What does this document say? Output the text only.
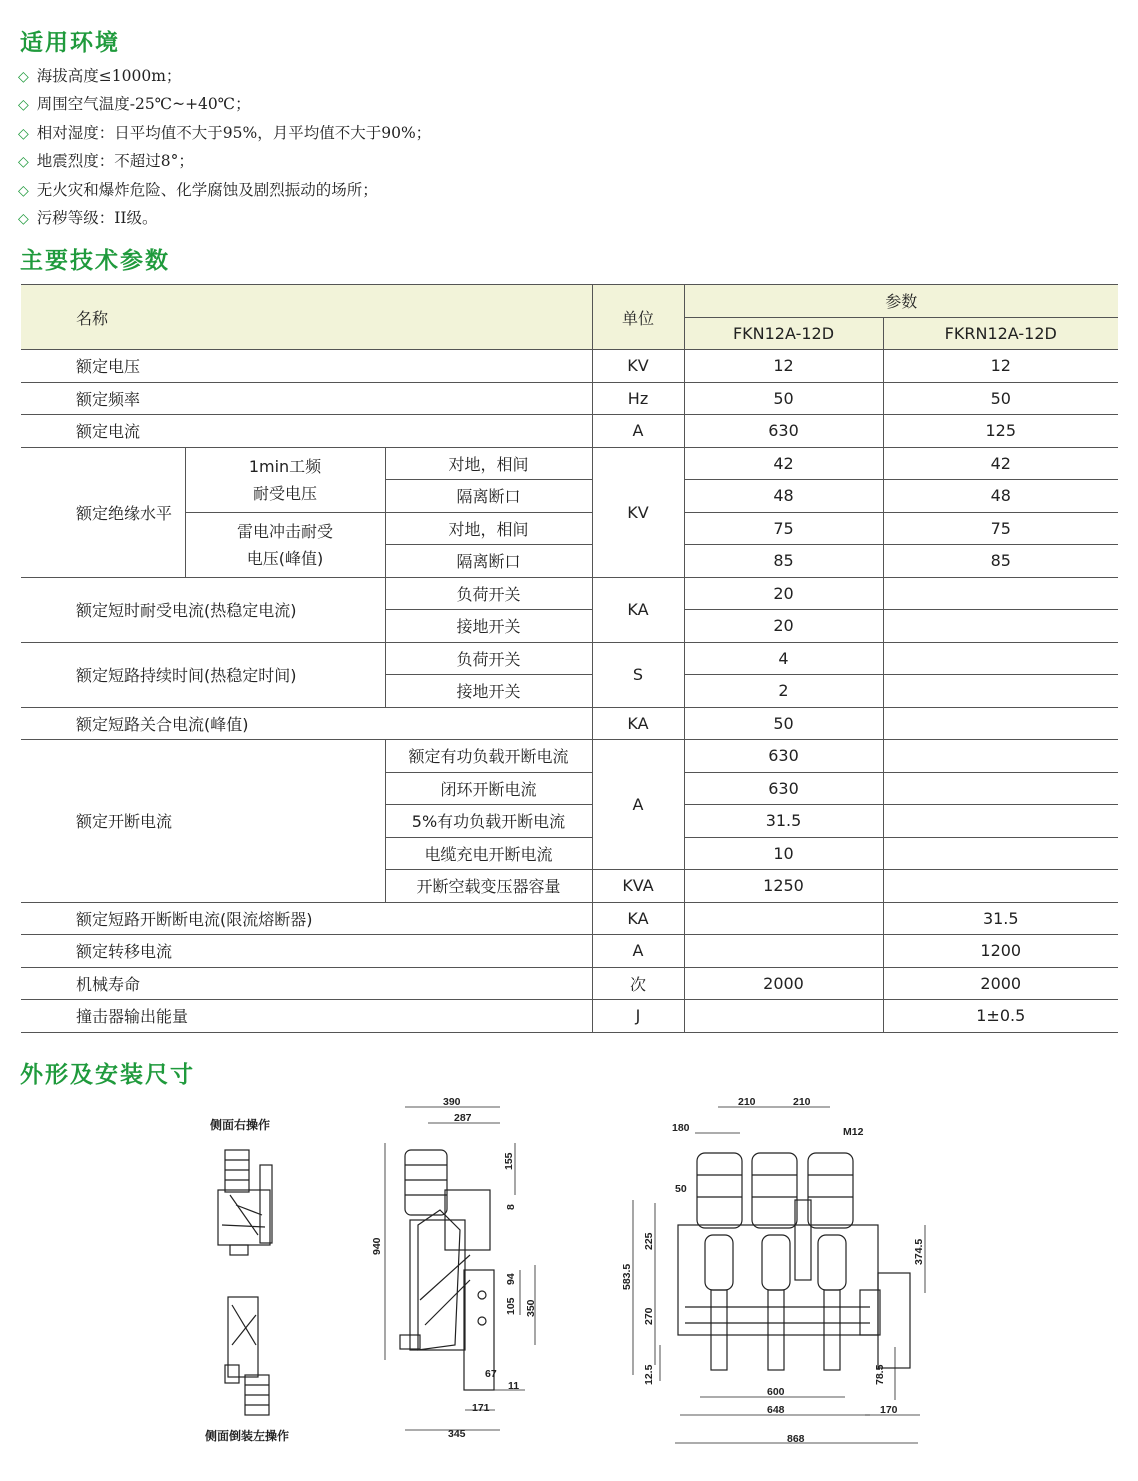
适用环境
◇ 海拔高度≤1000m；
◇ 周围空气温度-25℃~+40℃；
◇ 相对湿度：日平均值不大于95%，月平均值不大于90%；
◇ 地震烈度：不超过8°；
◇ 无火灾和爆炸危险、化学腐蚀及剧烈振动的场所；
◇ 污秽等级：II级。
主要技术参数
名称			单位	参数	
				FKN12A-12D	FKRN12A-12D
额定电压			KV	12	12
额定频率			Hz	50	50
额定电流			A	630	125
额定绝缘水平	1min工频
耐受电压	对地，相间	KV	42	42
		隔离断口		48	48
	雷电冲击耐受
电压(峰值)	对地，相间		75	75
		隔离断口		85	85
额定短时耐受电流(热稳定电流)		负荷开关	KA	20	
		接地开关		20	
额定短路持续时间(热稳定时间)		负荷开关	S	4	
		接地开关		2	
额定短路关合电流(峰值)			KA	50	
额定开断电流		额定有功负载开断电流	A	630	
		闭环开断电流		630	
		5%有功负载开断电流		31.5	
		电缆充电开断电流		10	
		开断空载变压器容量	KVA	1250	
额定短路开断断电流(限流熔断器)			KA		31.5
额定转移电流			A		1200
机械寿命			次	2000	2000
撞击器输出能量			J		1±0.5
外形及安装尺寸
侧面右操作
侧面倒装左操作
390
287
155
8
940
94
105 350
67
11
171
345
210	210
180	M12
50
225
583.5
270
374.5
12.5	78.5
600
648	170
868
